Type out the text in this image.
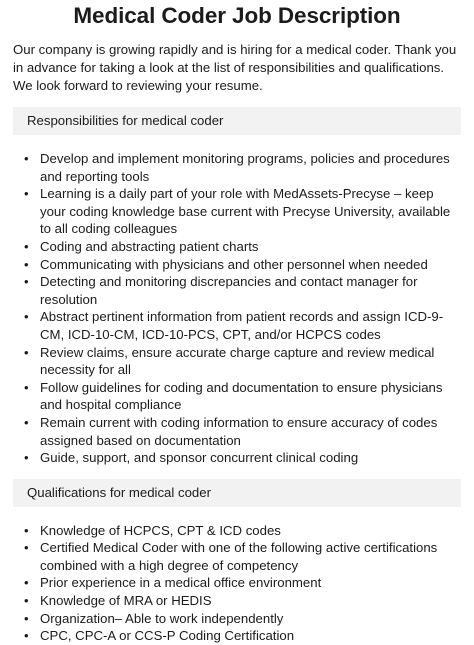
Medical Coder Job Description

Our company is growing rapidly and is hiring for a medical coder. Thank you in advance for taking a look at the list of responsibilities and qualifications. We look forward to reviewing your resume.

Responsibilities for medical coder
• Develop and implement monitoring programs, policies and procedures and reporting tools
• Learning is a daily part of your role with MedAssets-Precyse – keep your coding knowledge base current with Precyse University, available to all coding colleagues
• Coding and abstracting patient charts
• Communicating with physicians and other personnel when needed
• Detecting and monitoring discrepancies and contact manager for resolution
• Abstract pertinent information from patient records and assign ICD-9-CM, ICD-10-CM, ICD-10-PCS, CPT, and/or HCPCS codes
• Review claims, ensure accurate charge capture and review medical necessity for all
• Follow guidelines for coding and documentation to ensure physicians and hospital compliance
• Remain current with coding information to ensure accuracy of codes assigned based on documentation
• Guide, support, and sponsor concurrent clinical coding
Qualifications for medical coder
• Knowledge of HCPCS, CPT & ICD codes
• Certified Medical Coder with one of the following active certifications combined with a high degree of competency
• Prior experience in a medical office environment
• Knowledge of MRA or HEDIS
• Organization– Able to work independently
• CPC, CPC-A or CCS-P Coding Certification
